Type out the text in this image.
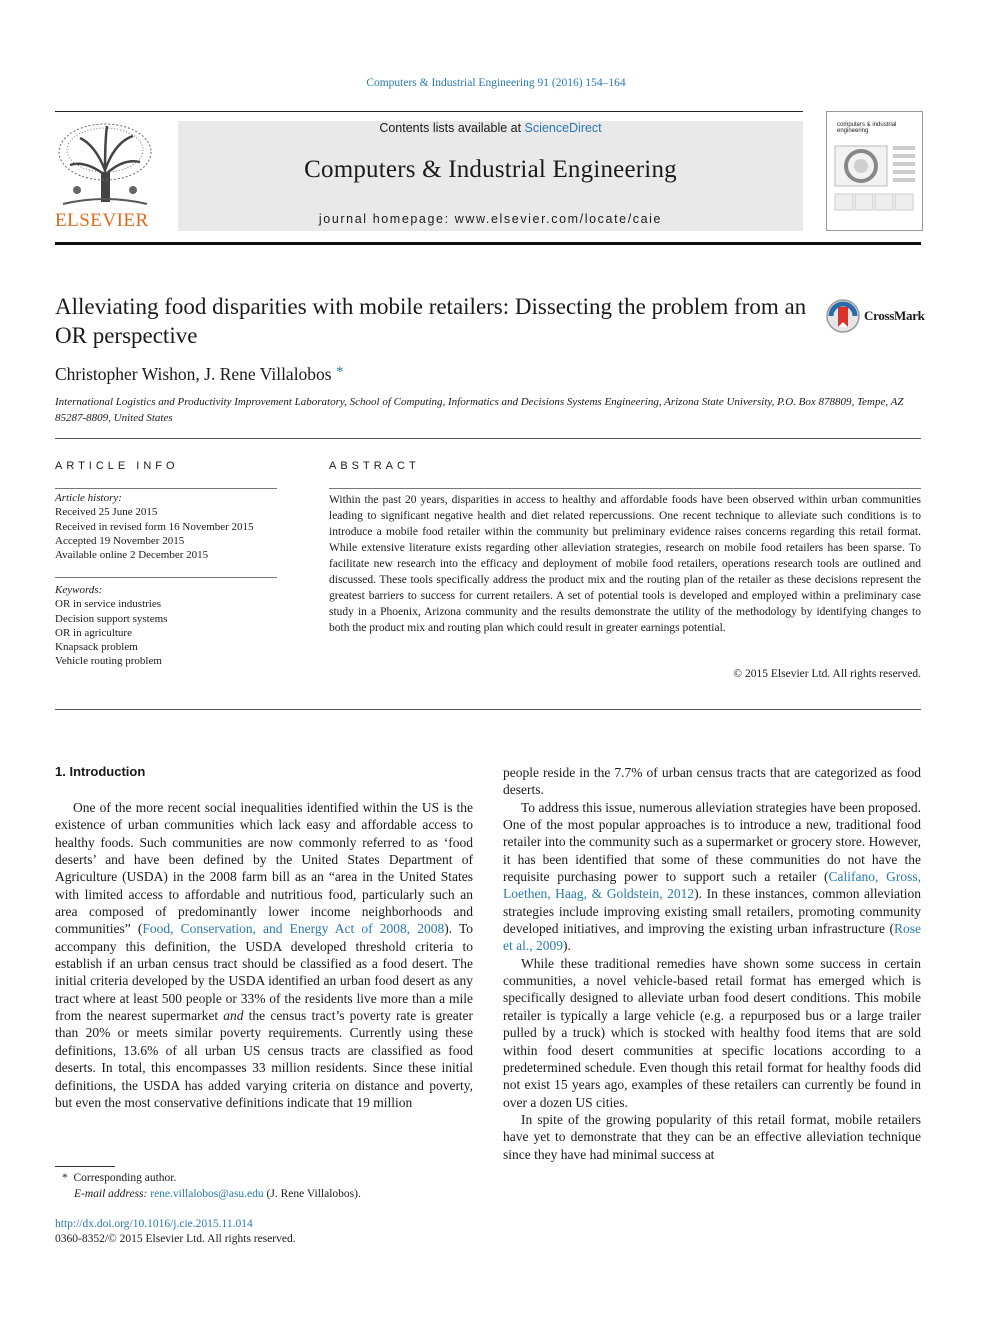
Computers & Industrial Engineering 91 (2016) 154–164
ELSEVIER
Contents lists available at ScienceDirect
Computers & Industrial Engineering
journal homepage: www.elsevier.com/locate/caie
computers & industrial engineering
Alleviating food disparities with mobile retailers: Dissecting the problem from an OR perspective
CrossMark
Christopher Wishon, J. Rene Villalobos *
International Logistics and Productivity Improvement Laboratory, School of Computing, Informatics and Decisions Systems Engineering, Arizona State University, P.O. Box 878809, Tempe, AZ 85287-8809, United States
ARTICLE INFO
Article history:
Received 25 June 2015
Received in revised form 16 November 2015
Accepted 19 November 2015
Available online 2 December 2015
Keywords:
OR in service industries
Decision support systems
OR in agriculture
Knapsack problem
Vehicle routing problem
ABSTRACT
Within the past 20 years, disparities in access to healthy and affordable foods have been observed within urban communities leading to significant negative health and diet related repercussions. One recent technique to alleviate such conditions is to introduce a mobile food retailer within the community but preliminary evidence raises concerns regarding this retail format. While extensive literature exists regarding other alleviation strategies, research on mobile food retailers has been sparse. To facilitate new research into the efficacy and deployment of mobile food retailers, operations research tools are outlined and discussed. These tools specifically address the product mix and the routing plan of the retailer as these decisions represent the greatest barriers to success for current retailers. A set of potential tools is developed and employed within a preliminary case study in a Phoenix, Arizona community and the results demonstrate the utility of the methodology by identifying changes to both the product mix and routing plan which could result in greater earnings potential.
© 2015 Elsevier Ltd. All rights reserved.
1. Introduction

One of the more recent social inequalities identified within the US is the existence of urban communities which lack easy and affordable access to healthy foods. Such communities are now commonly referred to as ‘food deserts’ and have been defined by the United States Department of Agriculture (USDA) in the 2008 farm bill as an “area in the United States with limited access to affordable and nutritious food, particularly such an area composed of predominantly lower income neighborhoods and communities” (Food, Conservation, and Energy Act of 2008, 2008). To accompany this definition, the USDA developed threshold criteria to establish if an urban census tract should be classified as a food desert. The initial criteria developed by the USDA identified an urban food desert as any tract where at least 500 people or 33% of the residents live more than a mile from the nearest supermarket and the census tract’s poverty rate is greater than 20% or meets similar poverty requirements. Currently using these definitions, 13.6% of all urban US census tracts are classified as food deserts. In total, this encompasses 33 million residents. Since these initial definitions, the USDA has added varying criteria on distance and poverty, but even the most conservative definitions indicate that 19 million

people reside in the 7.7% of urban census tracts that are categorized as food deserts.

To address this issue, numerous alleviation strategies have been proposed. One of the most popular approaches is to introduce a new, traditional food retailer into the community such as a supermarket or grocery store. However, it has been identified that some of these communities do not have the requisite purchasing power to support such a retailer (Califano, Gross, Loethen, Haag, & Goldstein, 2012). In these instances, common alleviation strategies include improving existing small retailers, promoting community developed initiatives, and improving the existing urban infrastructure (Rose et al., 2009).

While these traditional remedies have shown some success in certain communities, a novel vehicle-based retail format has emerged which is specifically designed to alleviate urban food desert conditions. This mobile retailer is typically a large vehicle (e.g. a repurposed bus or a large trailer pulled by a truck) which is stocked with healthy food items that are sold within food desert communities at specific locations according to a predetermined schedule. Even though this retail format for healthy foods did not exist 15 years ago, examples of these retailers can currently be found in over a dozen US cities.

In spite of the growing popularity of this retail format, mobile retailers have yet to demonstrate that they can be an effective alleviation technique since they have had minimal success at

* Corresponding author.
E-mail address: rene.villalobos@asu.edu (J. Rene Villalobos).
http://dx.doi.org/10.1016/j.cie.2015.11.014
0360-8352/© 2015 Elsevier Ltd. All rights reserved.
